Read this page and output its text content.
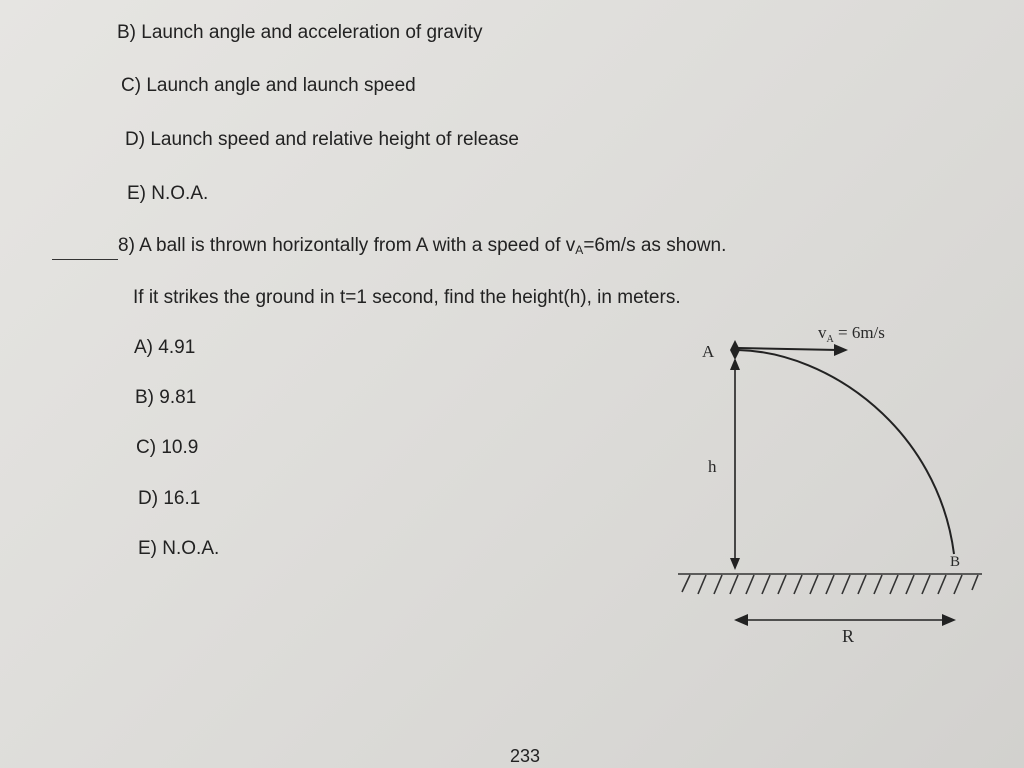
B) Launch angle and acceleration of gravity
C) Launch angle and launch speed
D) Launch speed and relative height of release
E) N.O.A.
8) A ball is thrown horizontally from A with a speed of $v_A=6m/s$ as shown.
If it strikes the ground in t=1 second, find the height(h), in meters.
A) 4.91
B) 9.81
C) 10.9
D) 16.1
E) N.O.A.
$v_A = 6m/s$
A
h
B
R
233
